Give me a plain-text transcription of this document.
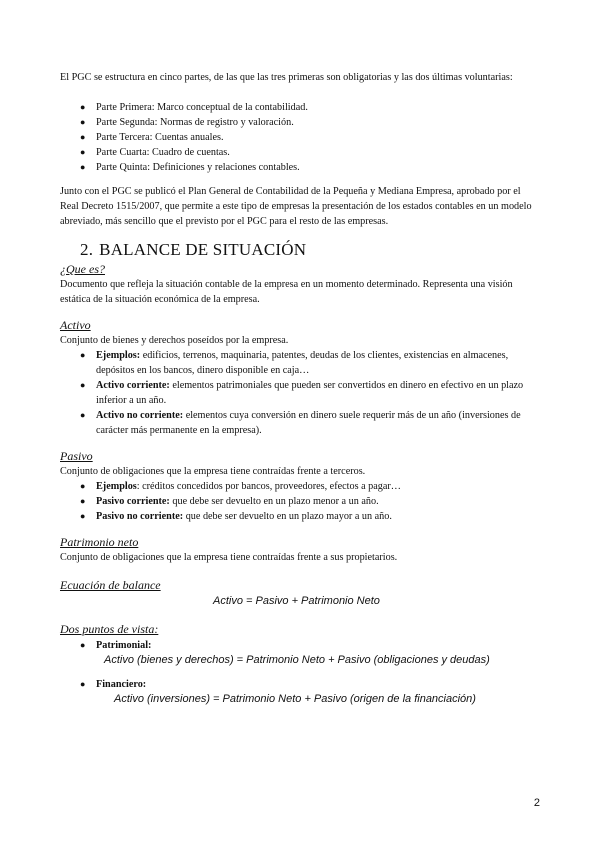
El PGC se estructura en cinco partes, de las que las tres primeras son obligatorias y las dos últimas voluntarias:

● Parte Primera: Marco conceptual de la contabilidad.
● Parte Segunda: Normas de registro y valoración.
● Parte Tercera: Cuentas anuales.
● Parte Cuarta: Cuadro de cuentas.
● Parte Quinta: Definiciones y relaciones contables.

Junto con el PGC se publicó el Plan General de Contabilidad de la Pequeña y Mediana Empresa, aprobado por el Real Decreto 1515/2007, que permite a este tipo de empresas la presentación de los estados contables en un modelo abreviado, más sencillo que el previsto por el PGC para el resto de las empresas.

2. BALANCE DE SITUACIÓN
¿Que es?

Documento que refleja la situación contable de la empresa en un momento determinado. Representa una visión estática de la situación económica de la empresa.

Activo

Conjunto de bienes y derechos poseídos por la empresa.

● Ejemplos: edificios, terrenos, maquinaria, patentes, deudas de los clientes, existencias en almacenes, depósitos en los bancos, dinero disponible en caja…
● Activo corriente: elementos patrimoniales que pueden ser convertidos en dinero en efectivo en un plazo inferior a un año.
● Activo no corriente: elementos cuya conversión en dinero suele requerir más de un año (inversiones de carácter más permanente en la empresa).
Pasivo

Conjunto de obligaciones que la empresa tiene contraídas frente a terceros.

● Ejemplos: créditos concedidos por bancos, proveedores, efectos a pagar…
● Pasivo corriente: que debe ser devuelto en un plazo menor a un año.
● Pasivo no corriente: que debe ser devuelto en un plazo mayor a un año.
Patrimonio neto

Conjunto de obligaciones que la empresa tiene contraídas frente a sus propietarios.

Ecuación de balance
Activo = Pasivo + Patrimonio Neto
Dos puntos de vista:
● Patrimonial:
Activo (bienes y derechos) = Patrimonio Neto + Pasivo (obligaciones y deudas)
● Financiero:
Activo (inversiones) = Patrimonio Neto + Pasivo (origen de la financiación)
2
